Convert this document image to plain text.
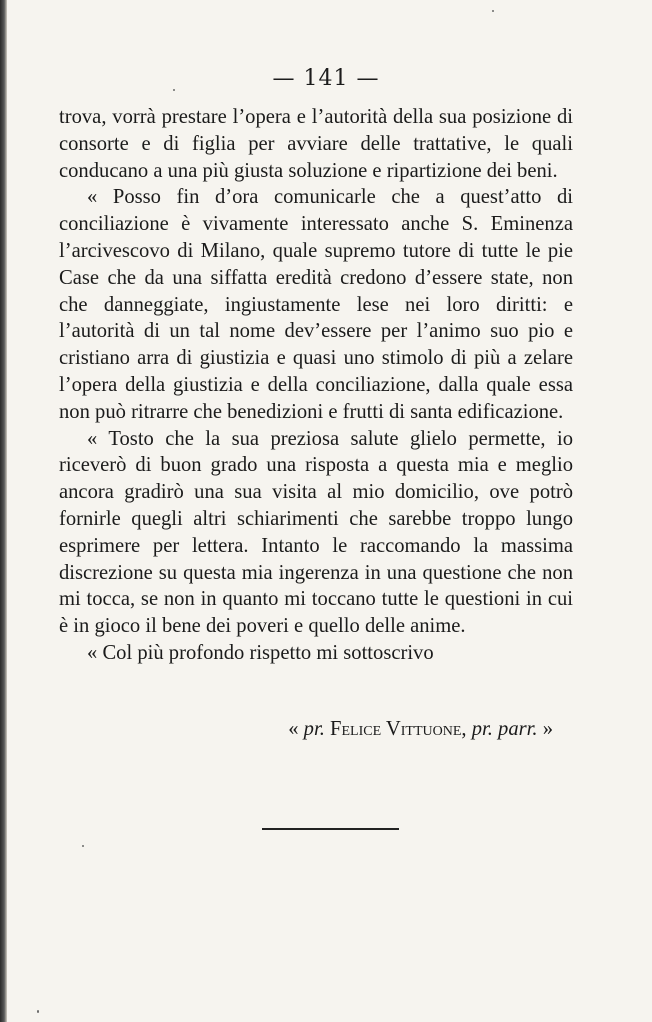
— 141 —

trova, vorrà prestare l’opera e l’autorità della sua posizione di consorte e di figlia per avviare delle trattative, le quali conducano a una più giusta soluzione e ripartizione dei beni.

« Posso fin d’ora comunicarle che a quest’atto di conciliazione è vivamente interessato anche S. Eminenza l’arcivescovo di Milano, quale supremo tutore di tutte le pie Case che da una siffatta eredità credono d’essere state, non che danneggiate, ingiustamente lese nei loro diritti: e l’autorità di un tal nome dev’essere per l’animo suo pio e cristiano arra di giustizia e quasi uno stimolo di più a zelare l’opera della giustizia e della conciliazione, dalla quale essa non può ritrarre che benedizioni e frutti di santa edificazione.

« Tosto che la sua preziosa salute glielo permette, io riceverò di buon grado una risposta a questa mia e meglio ancora gradirò una sua visita al mio domicilio, ove potrò fornirle quegli altri schiarimenti che sarebbe troppo lungo esprimere per lettera. Intanto le raccomando la massima discrezione su questa mia ingerenza in una questione che non mi tocca, se non in quanto mi toccano tutte le questioni in cui è in gioco il bene dei poveri e quello delle anime.

« Col più profondo rispetto mi sottoscrivo

« pr. Felice Vittuone, pr. parr. »
